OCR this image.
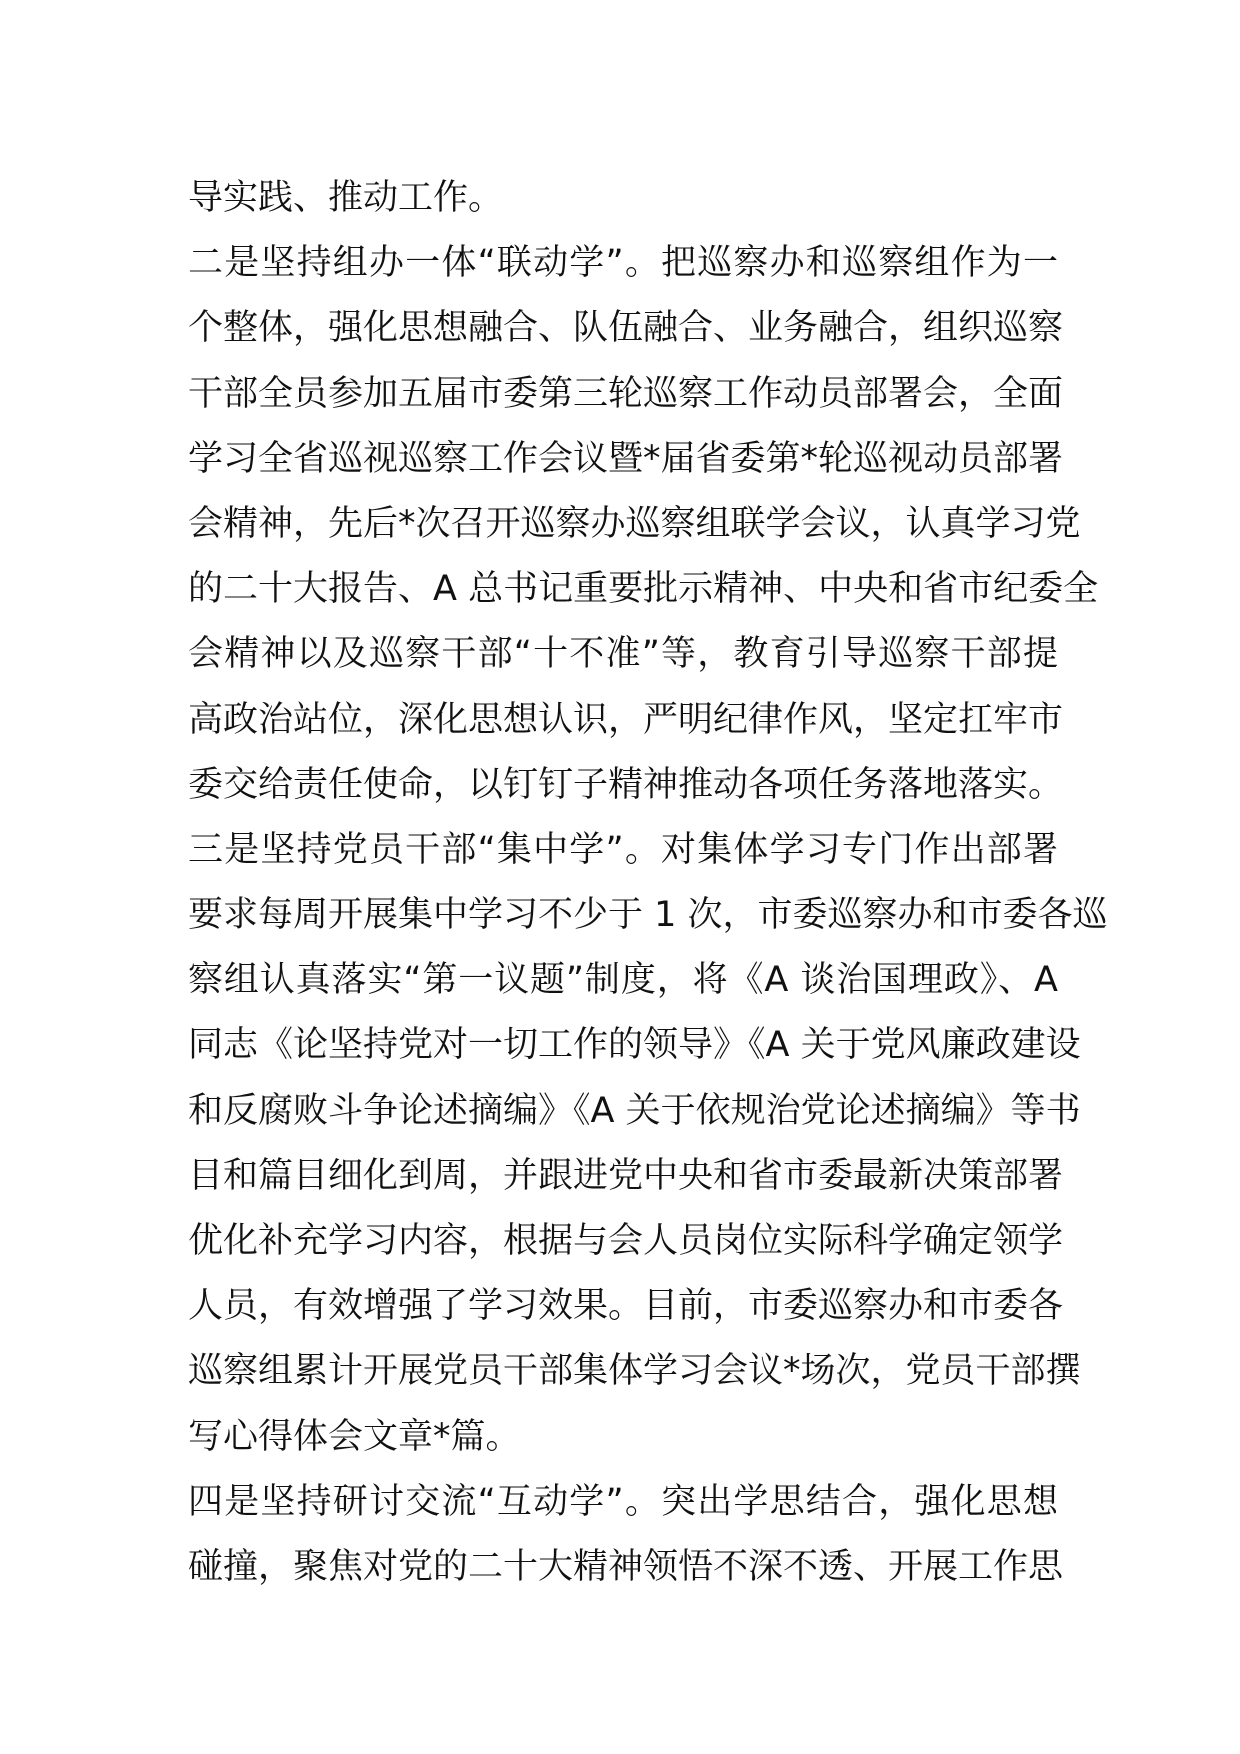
导实践、推动工作。
二是坚持组办一体“联动学”。把巡察办和巡察组作为一
个整体，强化思想融合、队伍融合、业务融合，组织巡察
干部全员参加五届市委第三轮巡察工作动员部署会，全面
学习全省巡视巡察工作会议暨*届省委第*轮巡视动员部署
会精神，先后*次召开巡察办巡察组联学会议，认真学习党
的二十大报告、A 总书记重要批示精神、中央和省市纪委全
会精神以及巡察干部“十不准”等，教育引导巡察干部提
高政治站位，深化思想认识，严明纪律作风，坚定扛牢市
委交给责任使命，以钉钉子精神推动各项任务落地落实。
三是坚持党员干部“集中学”。对集体学习专门作出部署
要求每周开展集中学习不少于 1 次，市委巡察办和市委各巡
察组认真落实“第一议题”制度，将《A 谈治国理政》、A
同志《论坚持党对一切工作的领导》《A 关于党风廉政建设
和反腐败斗争论述摘编》《A 关于依规治党论述摘编》等书
目和篇目细化到周，并跟进党中央和省市委最新决策部署
优化补充学习内容，根据与会人员岗位实际科学确定领学
人员，有效增强了学习效果。目前，市委巡察办和市委各
巡察组累计开展党员干部集体学习会议*场次，党员干部撰
写心得体会文章*篇。
四是坚持研讨交流“互动学”。突出学思结合，强化思想
碰撞，聚焦对党的二十大精神领悟不深不透、开展工作思
